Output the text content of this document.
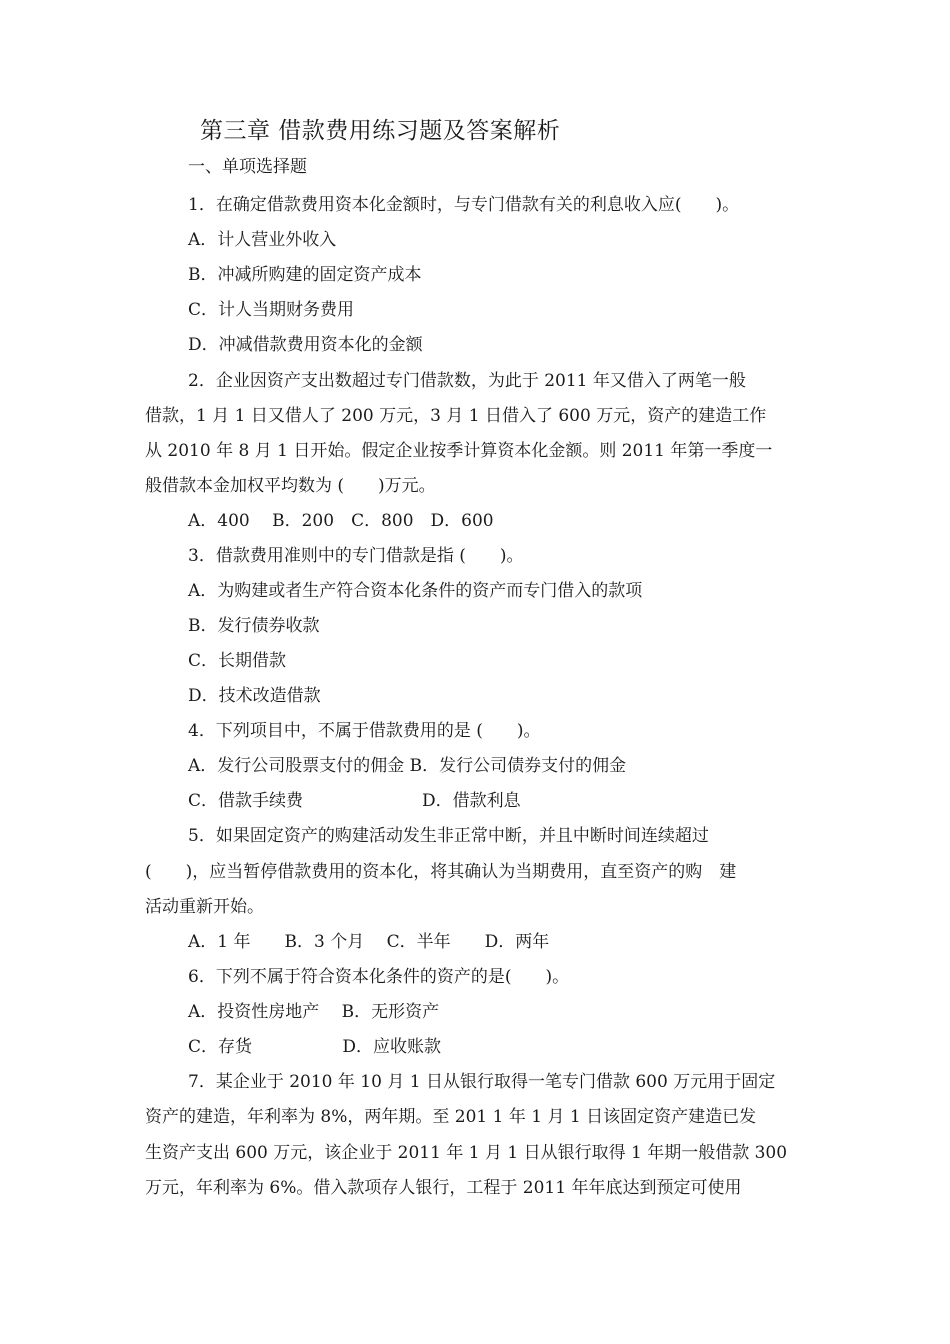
第三章 借款费用练习题及答案解析
一、单项选择题
1．在确定借款费用资本化金额时，与专门借款有关的利息收入应(　　)。
A．计人营业外收入
B．冲减所购建的固定资产成本
C．计人当期财务费用
D．冲减借款费用资本化的金额
2．企业因资产支出数超过专门借款数，为此于 2011 年又借入了两笔一般
借款，1 月 1 日又借人了 200 万元，3 月 1 日借入了 600 万元，资产的建造工作
从 2010 年 8 月 1 日开始。假定企业按季计算资本化金额。则 2011 年第一季度一
般借款本金加权平均数为 (　　)万元。
A．400　 B．200　C．800　D．600
3．借款费用准则中的专门借款是指 (　　)。
A．为购建或者生产符合资本化条件的资产而专门借入的款项
B．发行债券收款
C．长期借款
D．技术改造借款
4．下列项目中，不属于借款费用的是 (　　)。
A．发行公司股票支付的佣金 B．发行公司债券支付的佣金
C．借款手续费　　　　　　　D．借款利息
5．如果固定资产的购建活动发生非正常中断，并且中断时间连续超过
(　　)，应当暂停借款费用的资本化，将其确认为当期费用，直至资产的购　建
活动重新开始。
A．1 年　　B．3 个月　 C．半年　　D．两年
6．下列不属于符合资本化条件的资产的是(　　)。
A．投资性房地产　 B．无形资产
C．存货　　　　　 D．应收账款
7．某企业于 2010 年 10 月 1 日从银行取得一笔专门借款 600 万元用于固定
资产的建造，年利率为 8%，两年期。至 201 1 年 1 月 1 日该固定资产建造已发
生资产支出 600 万元，该企业于 2011 年 1 月 1 日从银行取得 1 年期一般借款 300
万元，年利率为 6%。借入款项存人银行，工程于 2011 年年底达到预定可使用
